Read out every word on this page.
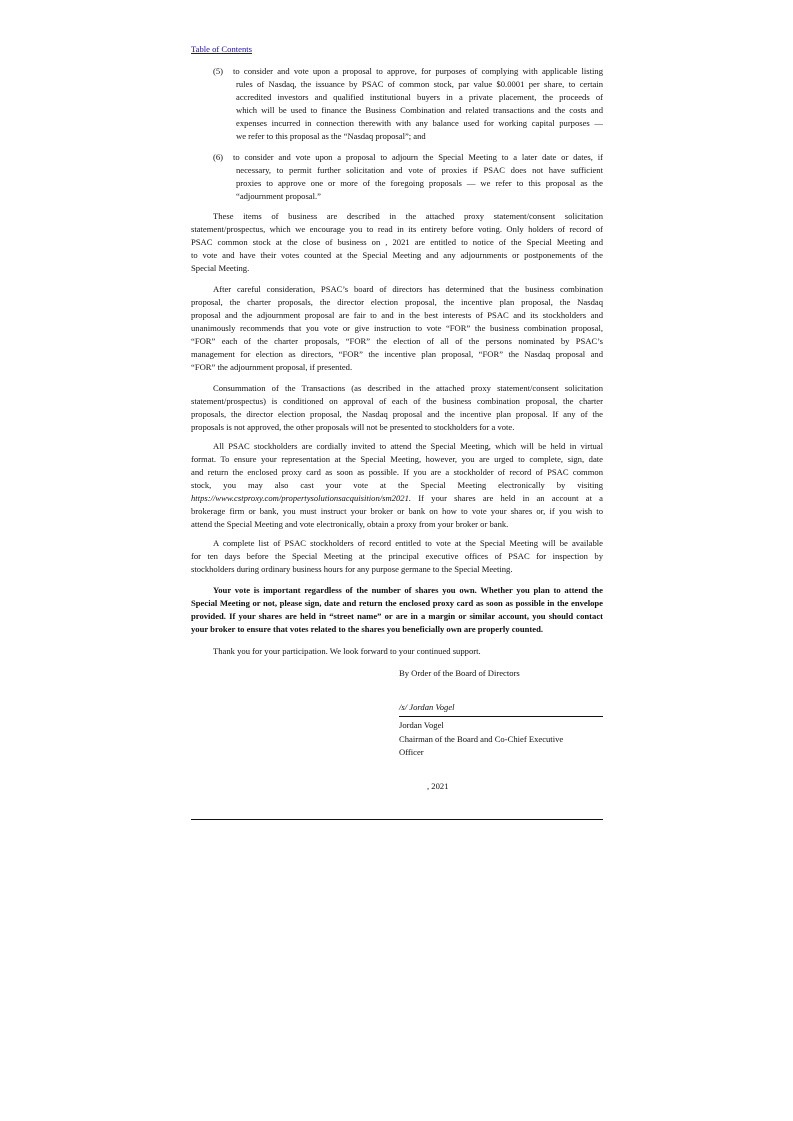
Table of Contents
(5) to consider and vote upon a proposal to approve, for purposes of complying with applicable listing
rules of Nasdaq, the issuance by PSAC of common stock, par value $0.0001 per share, to certain
accredited investors and qualified institutional buyers in a private placement, the proceeds of
which will be used to finance the Business Combination and related transactions and the costs and
expenses incurred in connection therewith with any balance used for working capital purposes —
we refer to this proposal as the “Nasdaq proposal”; and
(6) to consider and vote upon a proposal to adjourn the Special Meeting to a later date or dates, if
necessary, to permit further solicitation and vote of proxies if PSAC does not have sufficient
proxies to approve one or more of the foregoing proposals — we refer to this proposal as the
“adjournment proposal.”
These items of business are described in the attached proxy statement/consent solicitation
statement/prospectus, which we encourage you to read in its entirety before voting. Only holders of record of
PSAC common stock at the close of business on , 2021 are entitled to notice of the Special Meeting and
to vote and have their votes counted at the Special Meeting and any adjournments or postponements of the
Special Meeting.
After careful consideration, PSAC’s board of directors has determined that the business combination
proposal, the charter proposals, the director election proposal, the incentive plan proposal, the Nasdaq
proposal and the adjournment proposal are fair to and in the best interests of PSAC and its stockholders and
unanimously recommends that you vote or give instruction to vote “FOR” the business combination proposal,
“FOR” each of the charter proposals, “FOR” the election of all of the persons nominated by PSAC’s
management for election as directors, “FOR” the incentive plan proposal, “FOR” the Nasdaq proposal and
“FOR” the adjournment proposal, if presented.
Consummation of the Transactions (as described in the attached proxy statement/consent solicitation
statement/prospectus) is conditioned on approval of each of the business combination proposal, the charter
proposals, the director election proposal, the Nasdaq proposal and the incentive plan proposal. If any of the
proposals is not approved, the other proposals will not be presented to stockholders for a vote.
All PSAC stockholders are cordially invited to attend the Special Meeting, which will be held in virtual
format. To ensure your representation at the Special Meeting, however, you are urged to complete, sign, date
and return the enclosed proxy card as soon as possible. If you are a stockholder of record of PSAC common
stock, you may also cast your vote at the Special Meeting electronically by visiting
https://www.cstproxy.com/propertysolutionsacquisition/sm2021. If your shares are held in an account at a
brokerage firm or bank, you must instruct your broker or bank on how to vote your shares or, if you wish to
attend the Special Meeting and vote electronically, obtain a proxy from your broker or bank.
A complete list of PSAC stockholders of record entitled to vote at the Special Meeting will be available
for ten days before the Special Meeting at the principal executive offices of PSAC for inspection by
stockholders during ordinary business hours for any purpose germane to the Special Meeting.
Your vote is important regardless of the number of shares you own. Whether you plan to attend the
Special Meeting or not, please sign, date and return the enclosed proxy card as soon as possible in the envelope
provided. If your shares are held in “street name” or are in a margin or similar account, you should contact
your broker to ensure that votes related to the shares you beneficially own are properly counted.
Thank you for your participation. We look forward to your continued support.
By Order of the Board of Directors
/s/ Jordan Vogel
Jordan Vogel
Chairman of the Board and Co-Chief Executive
Officer
, 2021
